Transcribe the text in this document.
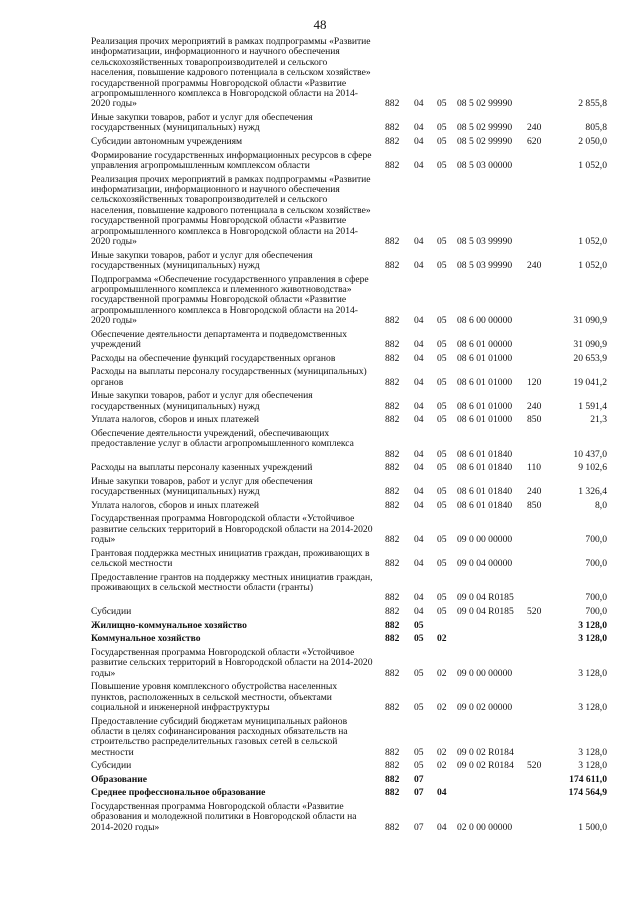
48
Реализация прочих мероприятий в рамках подпрограммы «Развитие информатизации, информационного и научного обеспечения сельскохозяйственных товаропроизводителей и сельского населения, повышение кадрового потенциала в сельском хозяйстве» государственной программы Новгородской области «Развитие агропромышленного комплекса в Новгородской области на 2014-2020 годы»	882 04 05 08 5 02 99990	2 855,8
Иные закупки товаров, работ и услуг для обеспечения государственных (муниципальных) нужд	882 04 05 08 5 02 99990 240	805,8
Субсидии автономным учреждениям	882 04 05 08 5 02 99990 620	2 050,0
Формирование государственных информационных ресурсов в сфере управления агропромышленным комплексом области	882 04 05 08 5 03 00000	1 052,0
Реализация прочих мероприятий в рамках подпрограммы «Развитие информатизации, информационного и научного обеспечения сельскохозяйственных товаропроизводителей и сельского населения, повышение кадрового потенциала в сельском хозяйстве» государственной программы Новгородской области «Развитие агропромышленного комплекса в Новгородской области на 2014-2020 годы»	882 04 05 08 5 03 99990	1 052,0
Иные закупки товаров, работ и услуг для обеспечения государственных (муниципальных) нужд	882 04 05 08 5 03 99990 240	1 052,0
Подпрограмма «Обеспечение государственного управления в сфере агропромышленного комплекса и племенного животноводства» государственной программы Новгородской области «Развитие агропромышленного комплекса в Новгородской области на 2014-2020 годы»	882 04 05 08 6 00 00000	31 090,9
Обеспечение деятельности департамента и подведомственных учреждений	882 04 05 08 6 01 00000	31 090,9
Расходы на обеспечение функций государственных органов	882 04 05 08 6 01 01000	20 653,9
Расходы на выплаты персоналу государственных (муниципальных) органов	882 04 05 08 6 01 01000 120	19 041,2
Иные закупки товаров, работ и услуг для обеспечения государственных (муниципальных) нужд	882 04 05 08 6 01 01000 240	1 591,4
Уплата налогов, сборов и иных платежей	882 04 05 08 6 01 01000 850	21,3
Обеспечение деятельности учреждений, обеспечивающих предоставление услуг в области агропромышленного комплекса
882 04 05 08 6 01 01840	10 437,0
Расходы на выплаты персоналу казенных учреждений	882 04 05 08 6 01 01840 110	9 102,6
Иные закупки товаров, работ и услуг для обеспечения государственных (муниципальных) нужд	882 04 05 08 6 01 01840 240	1 326,4
Уплата налогов, сборов и иных платежей	882 04 05 08 6 01 01840 850	8,0
Государственная программа Новгородской области «Устойчивое развитие сельских территорий в Новгородской области на 2014-2020 годы»	882 04 05 09 0 00 00000	700,0
Грантовая поддержка местных инициатив граждан, проживающих в сельской местности	882 04 05 09 0 04 00000	700,0
Предоставление грантов на поддержку местных инициатив граждан, проживающих в сельской местности области (гранты)
882 04 05 09 0 04 R0185	700,0
Субсидии	882 04 05 09 0 04 R0185 520	700,0
Жилищно-коммунальное хозяйство	882 05	3 128,0
Коммунальное хозяйство	882 05 02	3 128,0
Государственная программа Новгородской области «Устойчивое развитие сельских территорий в Новгородской области на 2014-2020 годы»	882 05 02 09 0 00 00000	3 128,0
Повышение уровня комплексного обустройства населенных пунктов, расположенных в сельской местности, объектами социальной и инженерной инфраструктуры	882 05 02 09 0 02 00000	3 128,0
Предоставление субсидий бюджетам муниципальных районов области в целях софинансирования расходных обязательств на строительство распределительных газовых сетей в сельской местности	882 05 02 09 0 02 R0184	3 128,0
Субсидии	882 05 02 09 0 02 R0184 520	3 128,0
Образование	882 07	174 611,0
Среднее профессиональное образование	882 07 04	174 564,9
Государственная программа Новгородской области «Развитие образования и молодежной политики в Новгородской области на 2014-2020 годы»	882 07 04 02 0 00 00000	1 500,0
